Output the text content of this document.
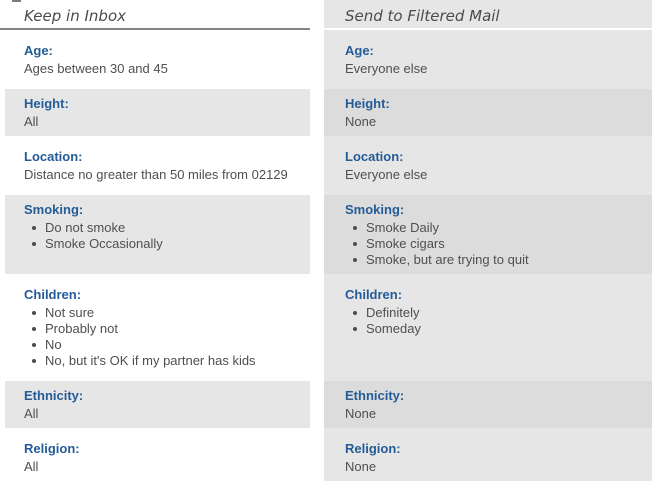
Keep in Inbox	Send to Filtered Mail
Age:
Ages between 30 and 45
Age:
Everyone else
Height:
All
Height:
None
Location:
Distance no greater than 50 miles from 02129
Location:
Everyone else
Smoking:
Do not smoke
Smoke Occasionally
Smoking:
Smoke Daily
Smoke cigars
Smoke, but are trying to quit
Children:
Not sure
Probably not
No
No, but it's OK if my partner has kids
Children:
Definitely
Someday
Ethnicity:
All
Ethnicity:
None
Religion:
All
Religion:
None
